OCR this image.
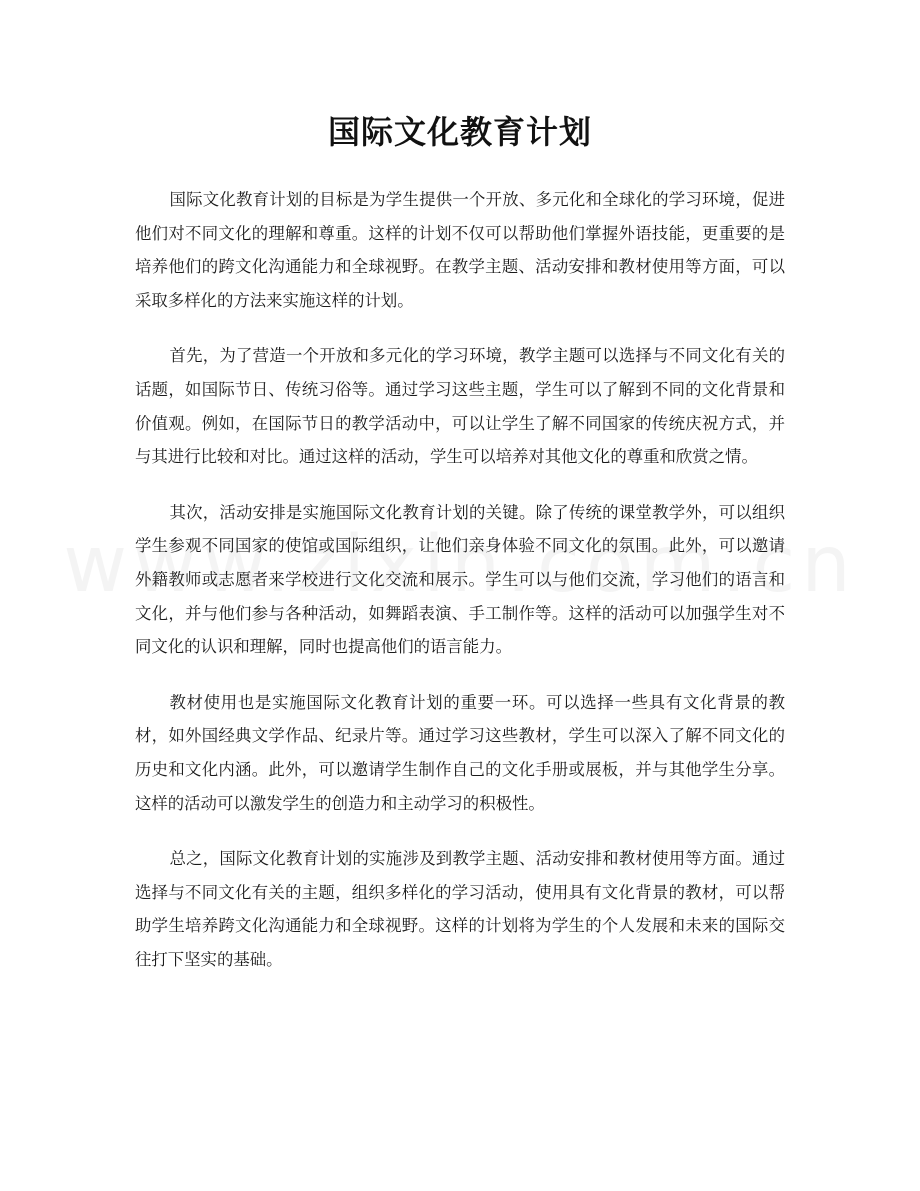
国际文化教育计划

国际文化教育计划的目标是为学生提供一个开放、多元化和全球化的学习环境，促进他们对不同文化的理解和尊重。这样的计划不仅可以帮助他们掌握外语技能，更重要的是培养他们的跨文化沟通能力和全球视野。在教学主题、活动安排和教材使用等方面，可以采取多样化的方法来实施这样的计划。

首先，为了营造一个开放和多元化的学习环境，教学主题可以选择与不同文化有关的话题，如国际节日、传统习俗等。通过学习这些主题，学生可以了解到不同的文化背景和价值观。例如，在国际节日的教学活动中，可以让学生了解不同国家的传统庆祝方式，并与其进行比较和对比。通过这样的活动，学生可以培养对其他文化的尊重和欣赏之情。

其次，活动安排是实施国际文化教育计划的关键。除了传统的课堂教学外，可以组织学生参观不同国家的使馆或国际组织，让他们亲身体验不同文化的氛围。此外，可以邀请外籍教师或志愿者来学校进行文化交流和展示。学生可以与他们交流，学习他们的语言和文化，并与他们参与各种活动，如舞蹈表演、手工制作等。这样的活动可以加强学生对不同文化的认识和理解，同时也提高他们的语言能力。

教材使用也是实施国际文化教育计划的重要一环。可以选择一些具有文化背景的教材，如外国经典文学作品、纪录片等。通过学习这些教材，学生可以深入了解不同文化的历史和文化内涵。此外，可以邀请学生制作自己的文化手册或展板，并与其他学生分享。这样的活动可以激发学生的创造力和主动学习的积极性。

总之，国际文化教育计划的实施涉及到教学主题、活动安排和教材使用等方面。通过选择与不同文化有关的主题，组织多样化的学习活动，使用具有文化背景的教材，可以帮助学生培养跨文化沟通能力和全球视野。这样的计划将为学生的个人发展和未来的国际交往打下坚实的基础。
